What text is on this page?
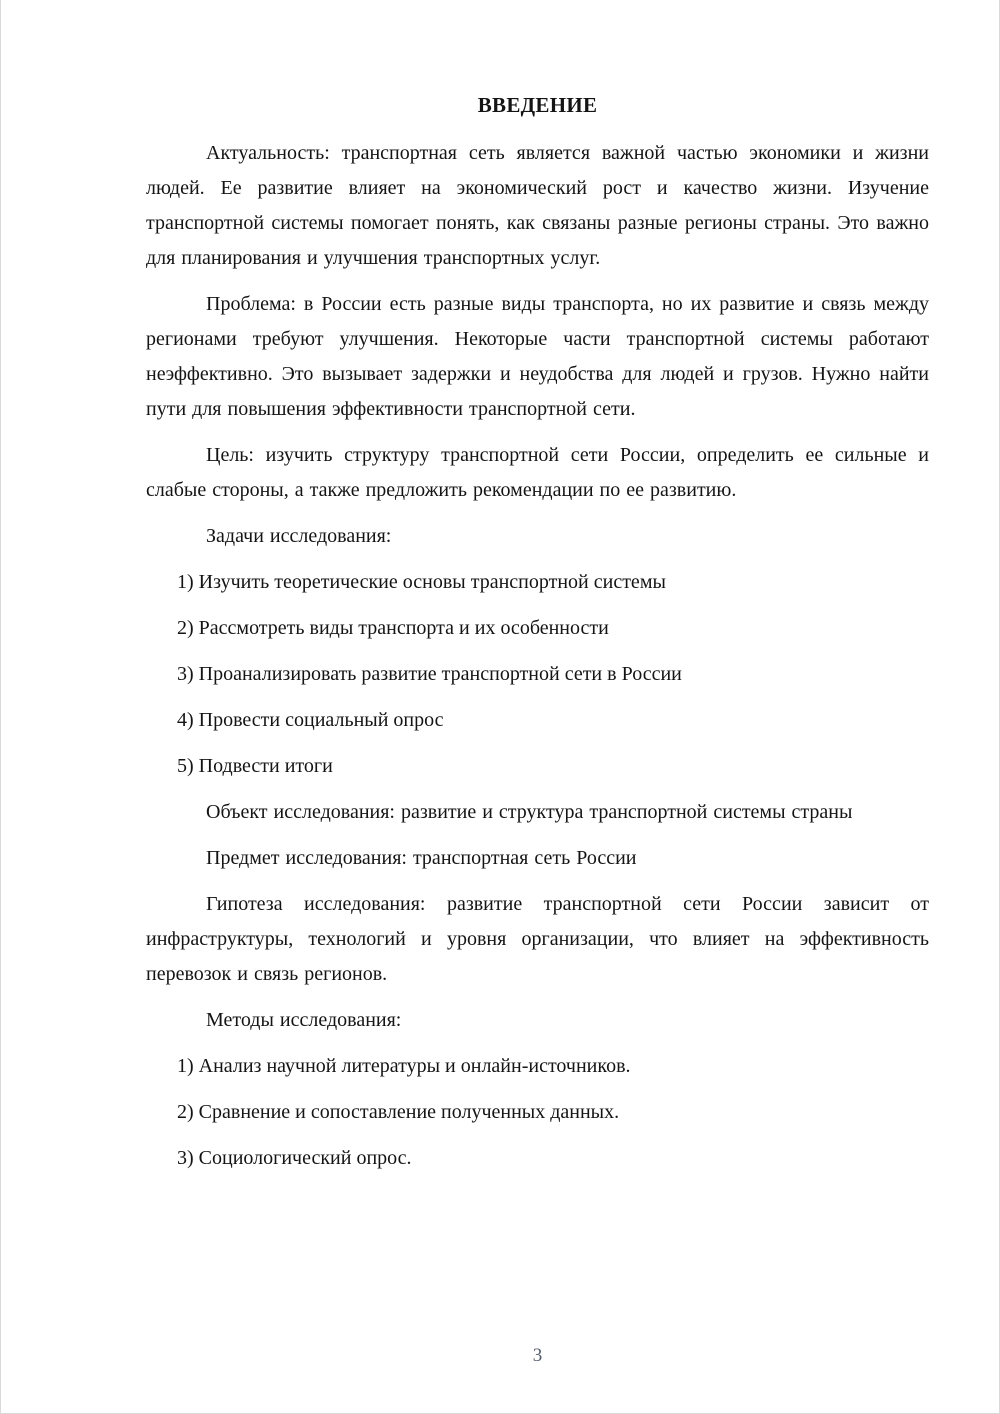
ВВЕДЕНИЕ

Актуальность: транспортная сеть является важной частью экономики и жизни людей. Ее развитие влияет на экономический рост и качество жизни. Изучение транспортной системы помогает понять, как связаны разные регионы страны. Это важно для планирования и улучшения транспортных услуг.

Проблема: в России есть разные виды транспорта, но их развитие и связь между регионами требуют улучшения. Некоторые части транспортной системы работают неэффективно. Это вызывает задержки и неудобства для людей и грузов. Нужно найти пути для повышения эффективности транспортной сети.

Цель: изучить структуру транспортной сети России, определить ее сильные и слабые стороны, а также предложить рекомендации по ее развитию.

Задачи исследования:

1) Изучить теоретические основы транспортной системы

2) Рассмотреть виды транспорта и их особенности

3) Проанализировать развитие транспортной сети в России

4) Провести социальный опрос

5) Подвести итоги

Объект исследования: развитие и структура транспортной системы страны

Предмет исследования: транспортная сеть России

Гипотеза исследования: развитие транспортной сети России зависит от инфраструктуры, технологий и уровня организации, что влияет на эффективность перевозок и связь регионов.

Методы исследования:

1) Анализ научной литературы и онлайн-источников.

2) Сравнение и сопоставление полученных данных.

3) Социологический опрос.

3
